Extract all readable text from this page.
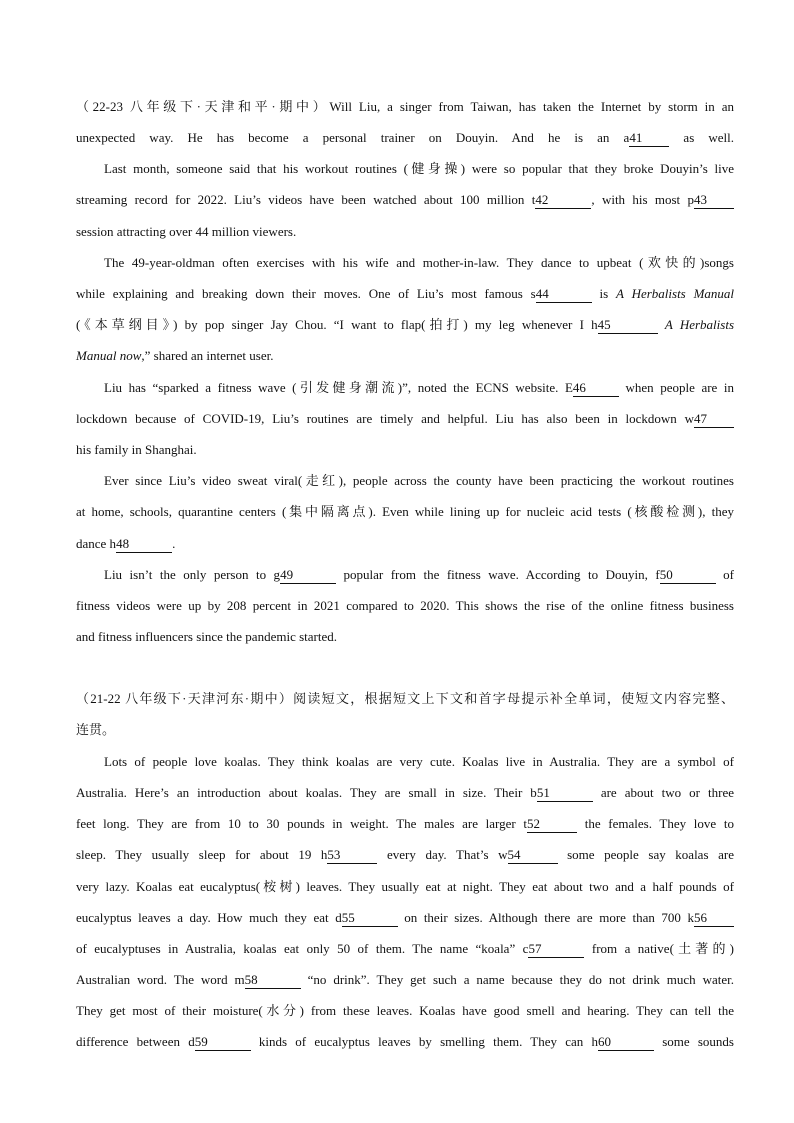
（22-23 八年级下·天津和平·期中）Will Liu, a singer from Taiwan, has taken the Internet by storm in an
unexpected way. He has become a personal trainer on Douyin. And he is an a41 as well.
Last month, someone said that his workout routines (健身操) were so popular that they broke Douyin’s live
streaming record for 2022. Liu’s videos have been watched about 100 million t42	, with his most p43
session attracting over 44 million viewers.
The 49-year-oldman often exercises with his wife and mother-in-law. They dance to upbeat (欢快的)songs
while explaining and breaking down their moves. One of Liu’s most famous s44	is A Herbalists Manual
(《本草纲目》) by pop singer Jay Chou. “I want to flap(拍打) my leg whenever I h45	A Herbalists
Manual now,” shared an internet user.
Liu has “sparked a fitness wave (引发健身潮流)”, noted the ECNS website. E46	when people are in
lockdown because of COVID-19, Liu’s routines are timely and helpful. Liu has also been in lockdown w47
his family in Shanghai.
Ever since Liu’s video sweat viral(走红), people across the county have been practicing the workout routines
at home, schools, quarantine centers (集中隔离点). Even while lining up for nucleic acid tests (核酸检测), they
dance h48	.
Liu isn’t the only person to g49	popular from the fitness wave. According to Douyin, f50	of
fitness videos were up by 208 percent in 2021 compared to 2020. This shows the rise of the online fitness business
and fitness influencers since the pandemic started.
（21-22 八年级下·天津河东·期中）阅读短文，根据短文上下文和首字母提示补全单词，使短文内容完整、
连贯。
Lots of people love koalas. They think koalas are very cute. Koalas live in Australia. They are a symbol of
Australia. Here’s an introduction about koalas. They are small in size. Their b51	are about two or three
feet long. They are from 10 to 30 pounds in weight. The males are larger t52	the females. They love to
sleep. They usually sleep for about 19 h53	every day. That’s w54	some people say koalas are
very lazy. Koalas eat eucalyptus(桉树) leaves. They usually eat at night. They eat about two and a half pounds of
eucalyptus leaves a day. How much they eat d55	on their sizes. Although there are more than 700 k56
of eucalyptuses in Australia, koalas eat only 50 of them. The name “koala” c57	from a native(土著的)
Australian word. The word m58	“no drink”. They get such a name because they do not drink much water.
They get most of their moisture(水分) from these leaves. Koalas have good smell and hearing. They can tell the
difference between d59	kinds of eucalyptus leaves by smelling them. They can h60	some sounds
